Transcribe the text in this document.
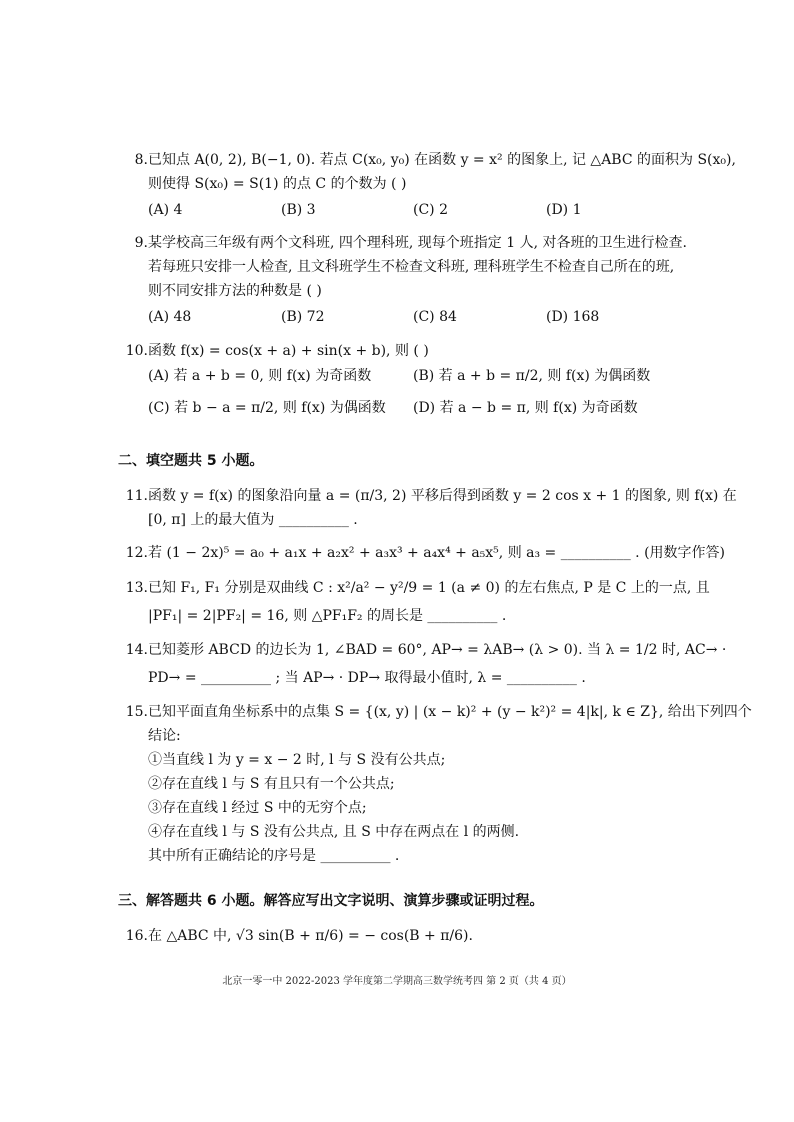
8. 已知点 A(0, 2), B(−1, 0). 若点 C(x₀, y₀) 在函数 y = x² 的图象上, 记 △ABC 的面积为 S(x₀),
则使得 S(x₀) = S(1) 的点 C 的个数为 ( )
(A) 4	(B) 3	(C) 2	(D) 1
9. 某学校高三年级有两个文科班, 四个理科班, 现每个班指定 1 人, 对各班的卫生进行检查.
若每班只安排一人检查, 且文科班学生不检查文科班, 理科班学生不检查自己所在的班,
则不同安排方法的种数是 ( )
(A) 48	(B) 72	(C) 84	(D) 168
10. 函数 f(x) = cos(x + a) + sin(x + b), 则 ( )
(A) 若 a + b = 0, 则 f(x) 为奇函数	(B) 若 a + b = π/2, 则 f(x) 为偶函数
(C) 若 b − a = π/2, 则 f(x) 为偶函数 (D) 若 a − b = π, 则 f(x) 为奇函数
二、填空题共 5 小题。
11. 函数 y = f(x) 的图象沿向量 a = (π/3, 2) 平移后得到函数 y = 2 cos x + 1 的图象, 则 f(x) 在
[0, π] 上的最大值为 __________ .
12. 若 (1 − 2x)⁵ = a₀ + a₁x + a₂x² + a₃x³ + a₄x⁴ + a₅x⁵, 则 a₃ = __________ . (用数字作答)
13. 已知 F₁, F₁ 分别是双曲线 C : x²/a² − y²/9 = 1 (a ≠ 0) 的左右焦点, P 是 C 上的一点, 且
|PF₁| = 2|PF₂| = 16, 则 △PF₁F₂ 的周长是 __________ .
14. 已知菱形 ABCD 的边长为 1, ∠BAD = 60°, AP→ = λAB→ (λ > 0). 当 λ = 1/2 时, AC→ ·
PD→ = __________ ; 当 AP→ · DP→ 取得最小值时, λ = __________ .
15. 已知平面直角坐标系中的点集 S = {(x, y) | (x − k)² + (y − k²)² = 4|k|, k ∈ Z}, 给出下列四个
结论:
①当直线 l 为 y = x − 2 时, l 与 S 没有公共点;
②存在直线 l 与 S 有且只有一个公共点;
③存在直线 l 经过 S 中的无穷个点;
④存在直线 l 与 S 没有公共点, 且 S 中存在两点在 l 的两侧.
其中所有正确结论的序号是 __________ .
三、解答题共 6 小题。解答应写出文字说明、演算步骤或证明过程。
16. 在 △ABC 中, √3 sin(B + π/6) = − cos(B + π/6).
北京一零一中 2022-2023 学年度第二学期高三数学统考四 第 2 页（共 4 页）
